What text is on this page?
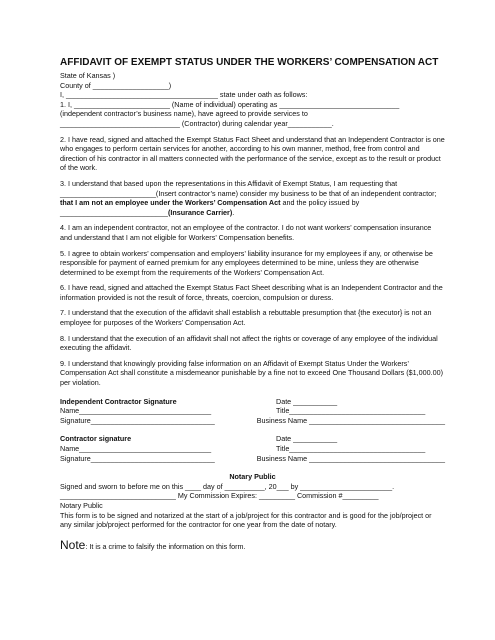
AFFIDAVIT OF EXEMPT STATUS UNDER THE WORKERS’ COMPENSATION ACT
State of Kansas )
County of ___________________)
I, ______________________________________ state under oath as follows:
1. I, ________________________ (Name of individual) operating as ______________________________
(independent contractor’s business name), have agreed to provide services to
______________________________ (Contractor) during calendar year___________.
2. I have read, signed and attached the Exempt Status Fact Sheet and understand that an Independent Contractor is one who engages to perform certain services for another, according to his own manner, method, free from control and direction of his contractor in all matters connected with the performance of the service, except as to the result or product of the work.
3. I understand that based upon the representations in this Affidavit of Exempt Status, I am requesting that ________________________(Insert contractor’s name) consider my business to be that of an independent contractor; that I am not an employee under the Workers’ Compensation Act and the policy issued by ___________________________(Insurance Carrier).
4. I am an independent contractor, not an employee of the contractor. I do not want workers’ compensation insurance and understand that I am not eligible for Workers’ Compensation benefits.
5. I agree to obtain workers’ compensation and employers’ liability insurance for my employees if any, or otherwise be responsible for payment of earned premium for any employees determined to be mine, unless they are otherwise determined to be exempt from the requirements of the Workers’ Compensation Act.
6. I have read, signed and attached the Exempt Status Fact Sheet describing what is an Independent Contractor and the information provided is not the result of force, threats, coercion, compulsion or duress.
7. I understand that the execution of the affidavit shall establish a rebuttable presumption that {the executor} is not an employee for purposes of the Workers’ Compensation Act.
8. I understand that the execution of an affidavit shall not affect the rights or coverage of any employee of the individual executing the affidavit.
9. I understand that knowingly providing false information on an Affidavit of Exempt Status Under the Workers’ Compensation Act shall constitute a misdemeanor punishable by a fine not to exceed One Thousand Dollars ($1,000.00) per violation.
Independent Contractor Signature	Date ___________
Name_________________________________	Title__________________________________
Signature_______________________________	Business Name __________________________________
Contractor signature	Date ___________
Name_________________________________	Title__________________________________
Signature_______________________________	Business Name __________________________________
Notary Public
Signed and sworn to before me on this ____ day of __________, 20___ by _______________________.
_____________________________ My Commission Expires: _________ Commission #_________
Notary Public
This form is to be signed and notarized at the start of a job/project for this contractor and is good for the job/project or any similar job/project performed for the contractor for one year from the date of notary.
Note: It is a crime to falsify the information on this form.
